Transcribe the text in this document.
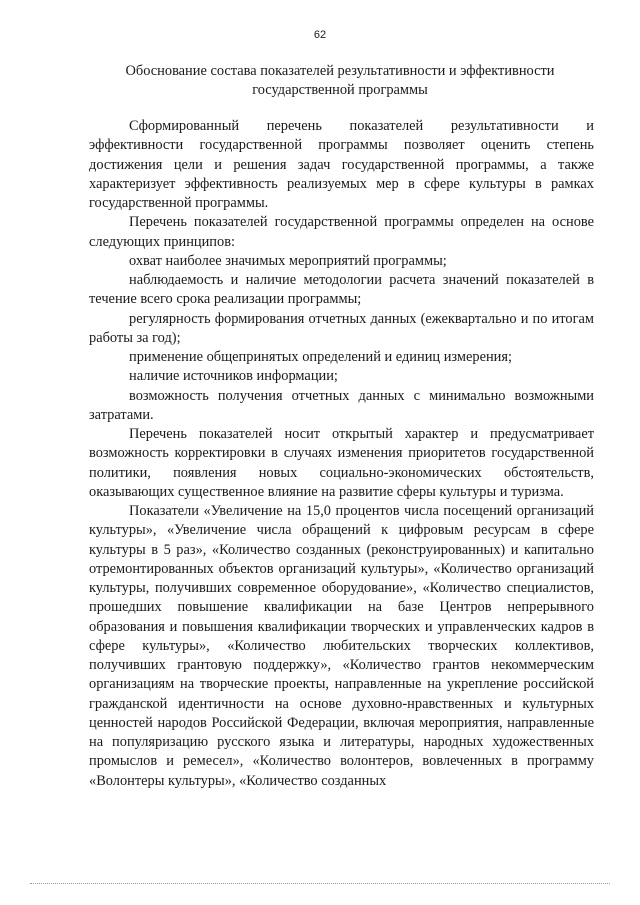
62
Обоснование состава показателей результативности и эффективности государственной программы

Сформированный перечень показателей результативности и эффективности государственной программы позволяет оценить степень достижения цели и решения задач государственной программы, а также характеризует эффективность реализуемых мер в сфере культуры в рамках государственной программы.

Перечень показателей государственной программы определен на основе следующих принципов:

охват наиболее значимых мероприятий программы;

наблюдаемость и наличие методологии расчета значений показателей в течение всего срока реализации программы;

регулярность формирования отчетных данных (ежеквартально и по итогам работы за год);

применение общепринятых определений и единиц измерения;

наличие источников информации;

возможность получения отчетных данных с минимально возможными затратами.

Перечень показателей носит открытый характер и предусматривает возможность корректировки в случаях изменения приоритетов государственной политики, появления новых социально-экономических обстоятельств, оказывающих существенное влияние на развитие сферы культуры и туризма.

Показатели «Увеличение на 15,0 процентов числа посещений организаций культуры», «Увеличение числа обращений к цифровым ресурсам в сфере культуры в 5 раз», «Количество созданных (реконструированных) и капитально отремонтированных объектов организаций культуры», «Количество организаций культуры, получивших современное оборудование», «Количество специалистов, прошедших повышение квалификации на базе Центров непрерывного образования и повышения квалификации творческих и управленческих кадров в сфере культуры», «Количество любительских творческих коллективов, получивших грантовую поддержку», «Количество грантов некоммерческим организациям на творческие проекты, направленные на укрепление российской гражданской идентичности на основе духовно-нравственных и культурных ценностей народов Российской Федерации, включая мероприятия, направленные на популяризацию русского языка и литературы, народных художественных промыслов и ремесел», «Количество волонтеров, вовлеченных в программу «Волонтеры культуры», «Количество созданных
